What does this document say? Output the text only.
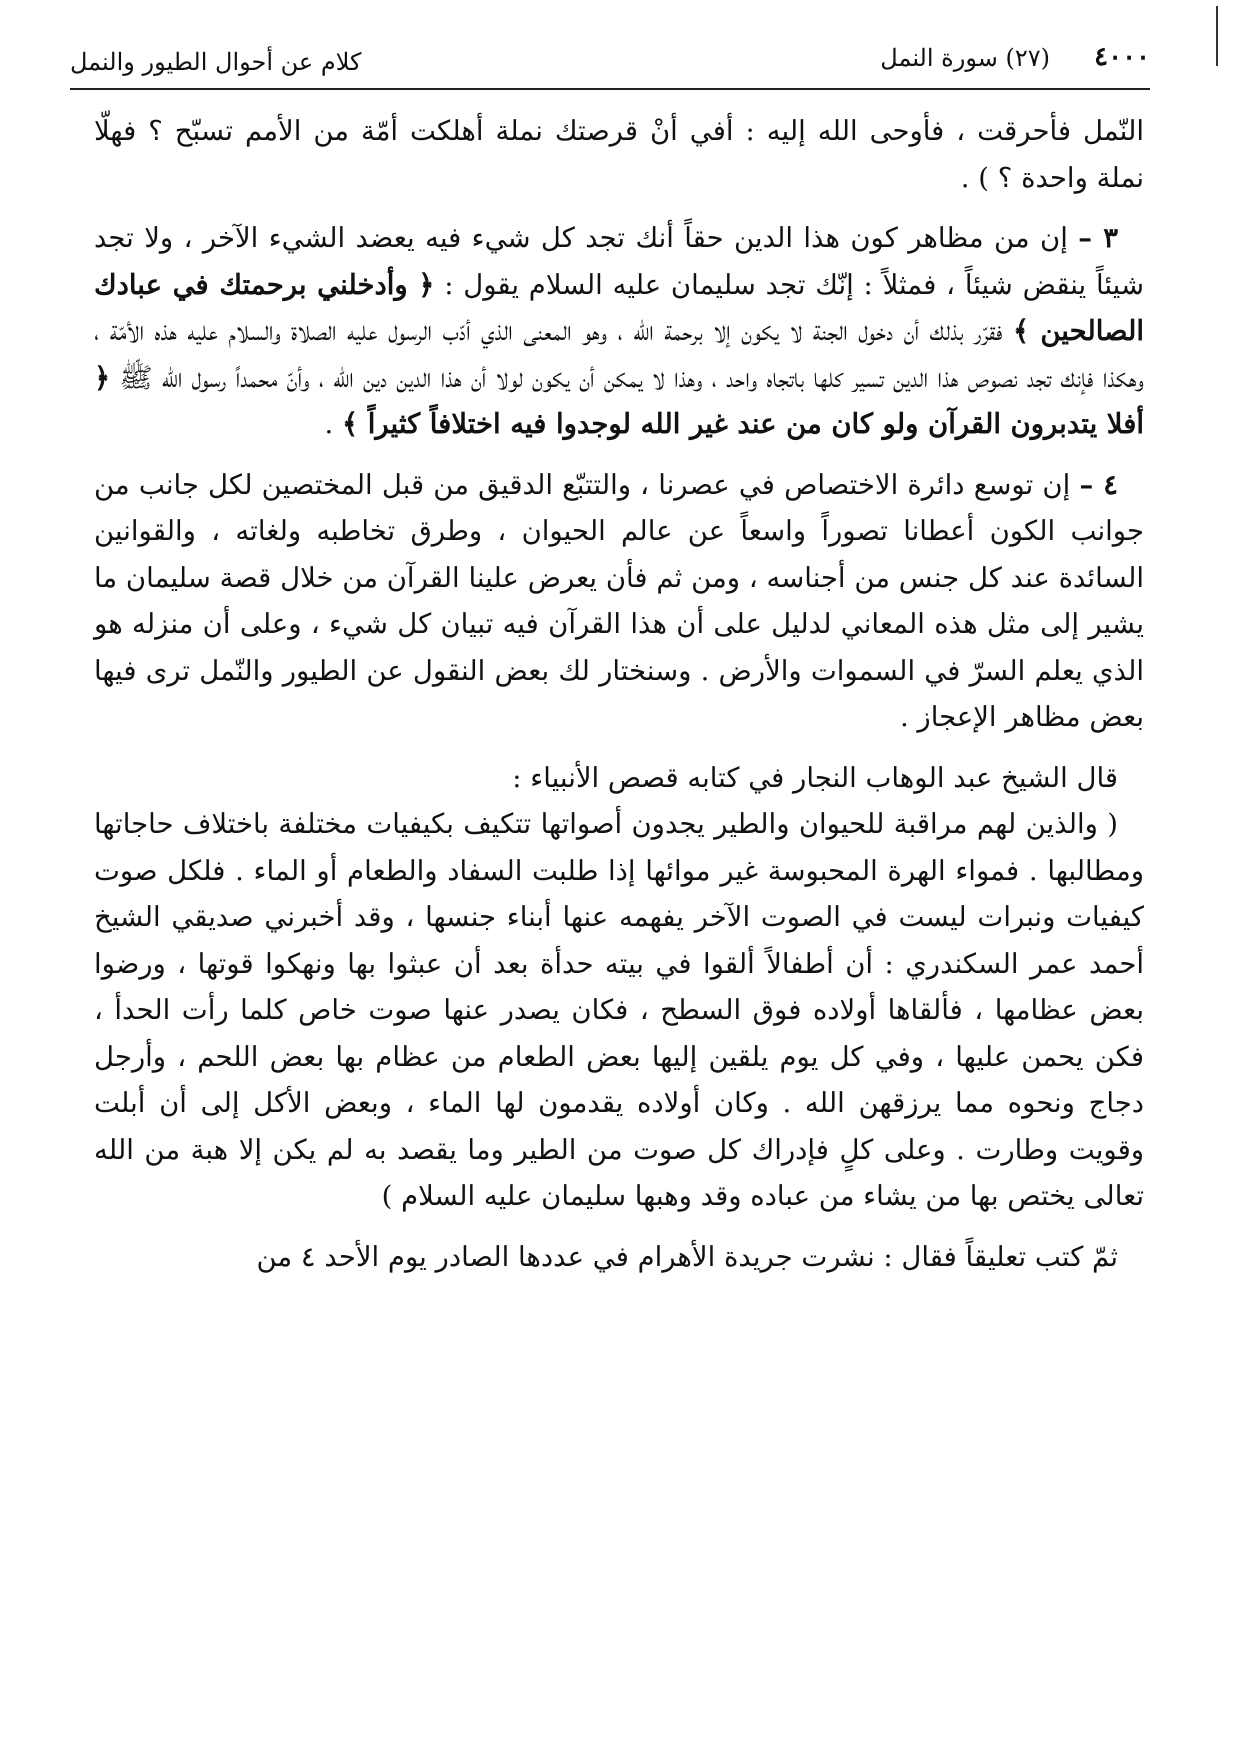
٤٠٠٠
(٢٧) سورة النمل
كلام عن أحوال الطيور والنمل

النّمل فأحرقت ، فأوحى الله إليه : أفي أنْ قرصتك نملة أهلكت أمّة من الأمم تسبّح ؟ فهلّا نملة واحدة ؟ ) .

٣ – إن من مظاهر كون هذا الدين حقاً أنك تجد كل شيء فيه يعضد الشيء الآخر ، ولا تجد شيئاً ينقض شيئاً ، فمثلاً : إنّك تجد سليمان عليه السلام يقول : ﴿ وأدخلني برحمتك في عبادك الصالحين ﴾ فقرّر بذلك أن دخول الجنة لا يكون إلا برحمة الله ، وهو المعنى الذي أدّب الرسول عليه الصلاة والسلام عليه هذه الأمّة ، وهكذا فإنك تجد نصوص هذا الدين تسير كلها باتجاه واحد ، وهذا لا يمكن أن يكون لولا أن هذا الدين دين الله ، وأنّ محمداً رسول الله ﷺ ﴿ أفلا يتدبرون القرآن ولو كان من عند غير الله لوجدوا فيه اختلافاً كثيراً ﴾ .

٤ – إن توسع دائرة الاختصاص في عصرنا ، والتتبّع الدقيق من قبل المختصين لكل جانب من جوانب الكون أعطانا تصوراً واسعاً عن عالم الحيوان ، وطرق تخاطبه ولغاته ، والقوانين السائدة عند كل جنس من أجناسه ، ومن ثم فأن يعرض علينا القرآن من خلال قصة سليمان ما يشير إلى مثل هذه المعاني لدليل على أن هذا القرآن فيه تبيان كل شيء ، وعلى أن منزله هو الذي يعلم السرّ في السموات والأرض . وسنختار لك بعض النقول عن الطيور والنّمل ترى فيها بعض مظاهر الإعجاز .

قال الشيخ عبد الوهاب النجار في كتابه قصص الأنبياء :

( والذين لهم مراقبة للحيوان والطير يجدون أصواتها تتكيف بكيفيات مختلفة باختلاف حاجاتها ومطالبها . فمواء الهرة المحبوسة غير موائها إذا طلبت السفاد والطعام أو الماء . فلكل صوت كيفيات ونبرات ليست في الصوت الآخر يفهمه عنها أبناء جنسها ، وقد أخبرني صديقي الشيخ أحمد عمر السكندري : أن أطفالاً ألقوا في بيته حدأة بعد أن عبثوا بها ونهكوا قوتها ، ورضوا بعض عظامها ، فألقاها أولاده فوق السطح ، فكان يصدر عنها صوت خاص كلما رأت الحدأ ، فكن يحمن عليها ، وفي كل يوم يلقين إليها بعض الطعام من عظام بها بعض اللحم ، وأرجل دجاج ونحوه مما يرزقهن الله . وكان أولاده يقدمون لها الماء ، وبعض الأكل إلى أن أبلت وقويت وطارت . وعلى كلٍ فإدراك كل صوت من الطير وما يقصد به لم يكن إلا هبة من الله تعالى يختص بها من يشاء من عباده وقد وهبها سليمان عليه السلام )

ثمّ كتب تعليقاً فقال : نشرت جريدة الأهرام في عددها الصادر يوم الأحد ٤ من
